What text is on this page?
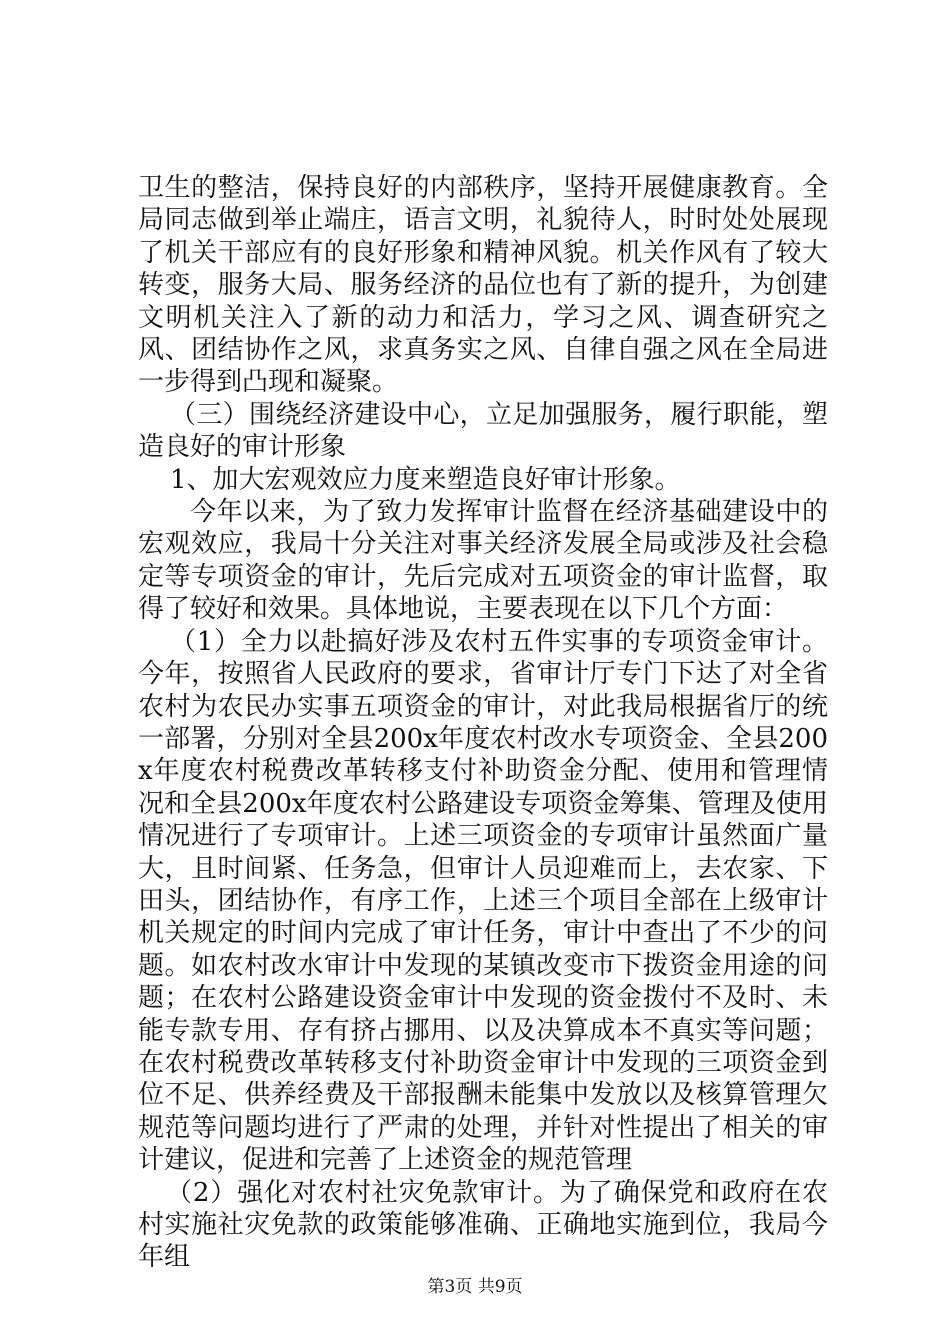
卫生的整洁，保持良好的内部秩序，坚持开展健康教育。全局同志做到举止端庄，语言文明，礼貌待人，时时处处展现了机关干部应有的良好形象和精神风貌。机关作风有了较大转变，服务大局、服务经济的品位也有了新的提升，为创建文明机关注入了新的动力和活力，学习之风、调查研究之风、团结协作之风，求真务实之风、自律自强之风在全局进一步得到凸现和凝聚。

（三）围绕经济建设中心，立足加强服务，履行职能，塑造良好的审计形象

1、加大宏观效应力度来塑造良好审计形象。

今年以来，为了致力发挥审计监督在经济基础建设中的宏观效应，我局十分关注对事关经济发展全局或涉及社会稳定等专项资金的审计，先后完成对五项资金的审计监督，取得了较好和效果。具体地说，主要表现在以下几个方面：

（1）全力以赴搞好涉及农村五件实事的专项资金审计。今年，按照省人民政府的要求，省审计厅专门下达了对全省农村为农民办实事五项资金的审计，对此我局根据省厅的统一部署，分别对全县200x年度农村改水专项资金、全县200x年度农村税费改革转移支付补助资金分配、使用和管理情况和全县200x年度农村公路建设专项资金筹集、管理及使用情况进行了专项审计。上述三项资金的专项审计虽然面广量大，且时间紧、任务急，但审计人员迎难而上，去农家、下田头，团结协作，有序工作，上述三个项目全部在上级审计机关规定的时间内完成了审计任务，审计中查出了不少的问题。如农村改水审计中发现的某镇改变市下拨资金用途的问题；在农村公路建设资金审计中发现的资金拨付不及时、未能专款专用、存有挤占挪用、以及决算成本不真实等问题；在农村税费改革转移支付补助资金审计中发现的三项资金到位不足、供养经费及干部报酬未能集中发放以及核算管理欠规范等问题均进行了严肃的处理，并针对性提出了相关的审计建议，促进和完善了上述资金的规范管理

（2）强化对农村社灾免款审计。为了确保党和政府在农村实施社灾免款的政策能够准确、正确地实施到位，我局今年组

第3页 共9页
